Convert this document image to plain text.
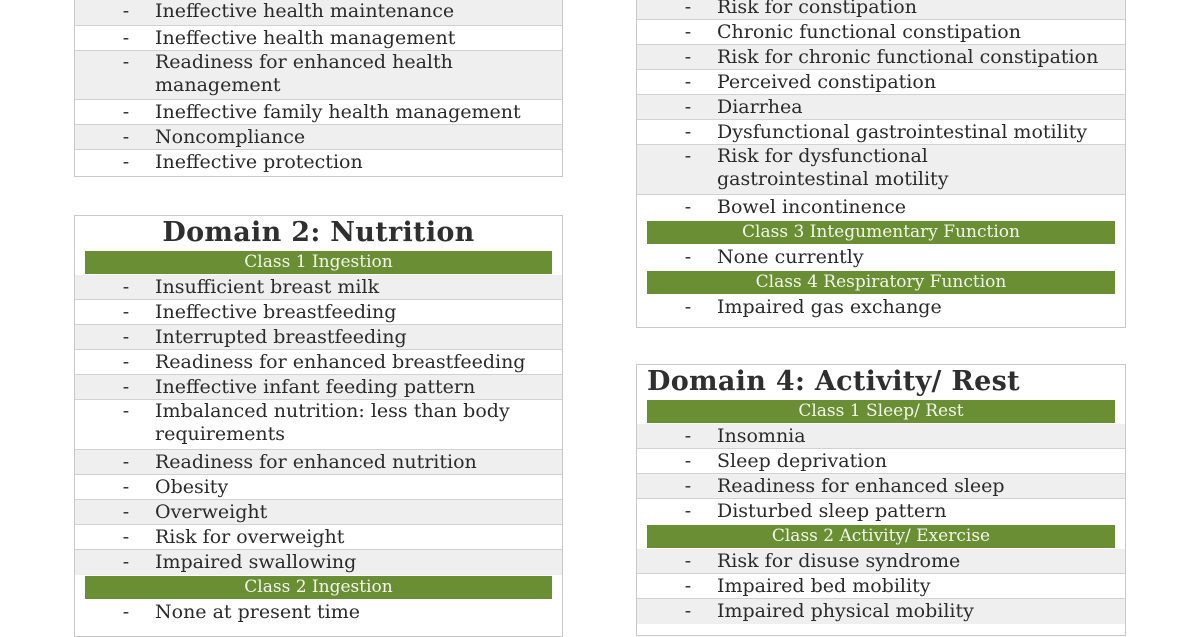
-	Ineffective health maintenance
-	Ineffective health management
-	Readiness for enhanced health management
-	Ineffective family health management
-	Noncompliance
-	Ineffective protection
Domain 2: Nutrition
Class 1 Ingestion
-	Insufficient breast milk
-	Ineffective breastfeeding
-	Interrupted breastfeeding
-	Readiness for enhanced breastfeeding
-	Ineffective infant feeding pattern
-	Imbalanced nutrition: less than body requirements
-	Readiness for enhanced nutrition
-	Obesity
-	Overweight
-	Risk for overweight
-	Impaired swallowing
Class 2 Ingestion
-	None at present time
-	Risk for constipation
-	Chronic functional constipation
-	Risk for chronic functional constipation
-	Perceived constipation
-	Diarrhea
-	Dysfunctional gastrointestinal motility
-	Risk for dysfunctional gastrointestinal motility
-	Bowel incontinence
Class 3 Integumentary Function
-	None currently
Class 4 Respiratory Function
-	Impaired gas exchange
Domain 4: Activity/ Rest
Class 1 Sleep/ Rest
-	Insomnia
-	Sleep deprivation
-	Readiness for enhanced sleep
-	Disturbed sleep pattern
Class 2 Activity/ Exercise
-	Risk for disuse syndrome
-	Impaired bed mobility
-	Impaired physical mobility
